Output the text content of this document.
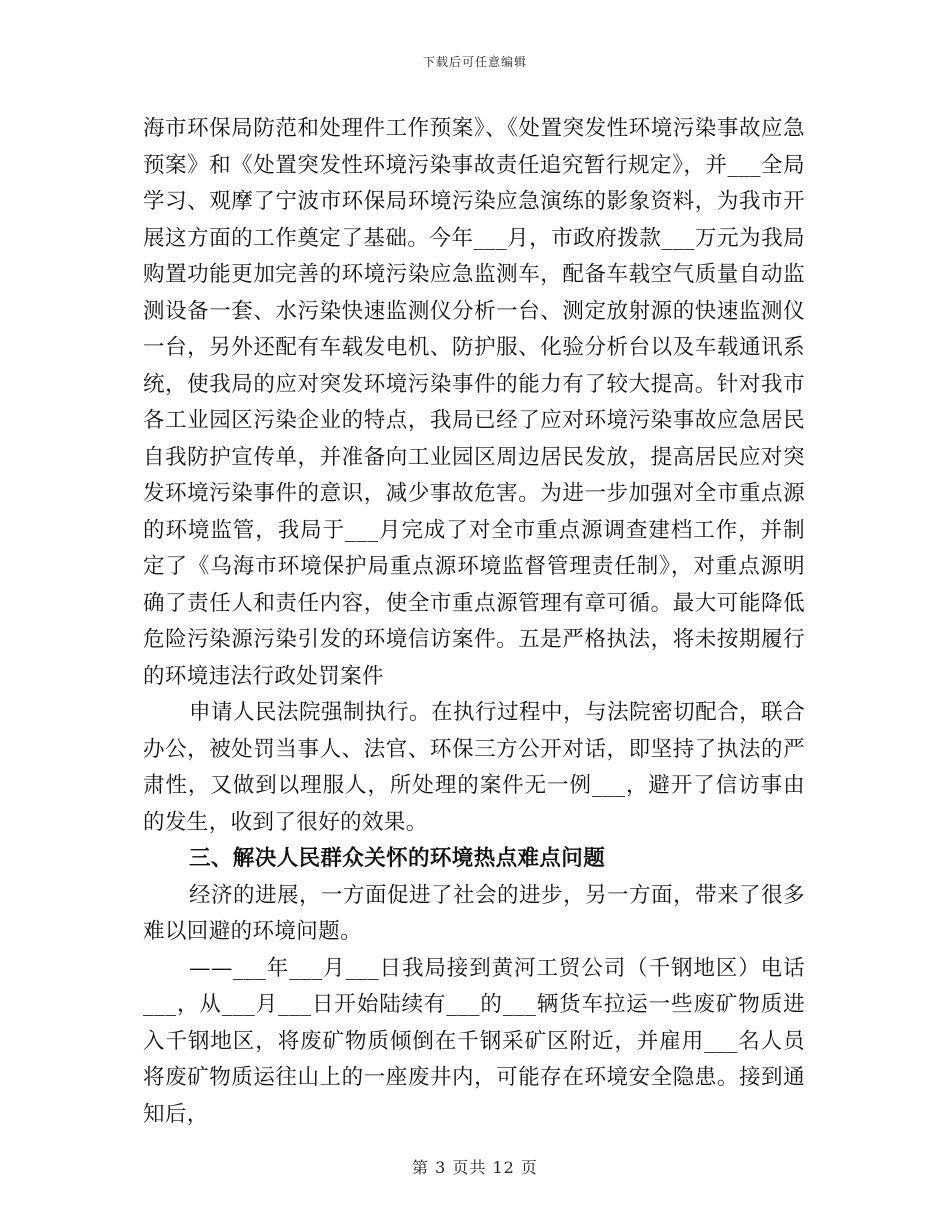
下载后可任意编辑

海市环保局防范和处理件工作预案》、《处置突发性环境污染事故应急预案》和《处置突发性环境污染事故责任追究暂行规定》，并___全局学习、观摩了宁波市环保局环境污染应急演练的影象资料，为我市开展这方面的工作奠定了基础。今年___月，市政府拨款___万元为我局购置功能更加完善的环境污染应急监测车，配备车载空气质量自动监测设备一套、水污染快速监测仪分析一台、测定放射源的快速监测仪一台，另外还配有车载发电机、防护服、化验分析台以及车载通讯系统，使我局的应对突发环境污染事件的能力有了较大提高。针对我市各工业园区污染企业的特点，我局已经了应对环境污染事故应急居民自我防护宣传单，并准备向工业园区周边居民发放，提高居民应对突发环境污染事件的意识，减少事故危害。为进一步加强对全市重点源的环境监管，我局于___月完成了对全市重点源调查建档工作，并制定了《乌海市环境保护局重点源环境监督管理责任制》，对重点源明确了责任人和责任内容，使全市重点源管理有章可循。最大可能降低危险污染源污染引发的环境信访案件。五是严格执法，将未按期履行的环境违法行政处罚案件

申请人民法院强制执行。在执行过程中，与法院密切配合，联合办公，被处罚当事人、法官、环保三方公开对话，即坚持了执法的严肃性，又做到以理服人，所处理的案件无一例___，避开了信访事由的发生，收到了很好的效果。

三、解决人民群众关怀的环境热点难点问题

经济的进展，一方面促进了社会的进步，另一方面，带来了很多难以回避的环境问题。

——___年___月___日我局接到黄河工贸公司（千钢地区）电话___，从___月___日开始陆续有___的___辆货车拉运一些废矿物质进入千钢地区，将废矿物质倾倒在千钢采矿区附近，并雇用___名人员将废矿物质运往山上的一座废井内，可能存在环境安全隐患。接到通知后，

第 3 页共 12 页
